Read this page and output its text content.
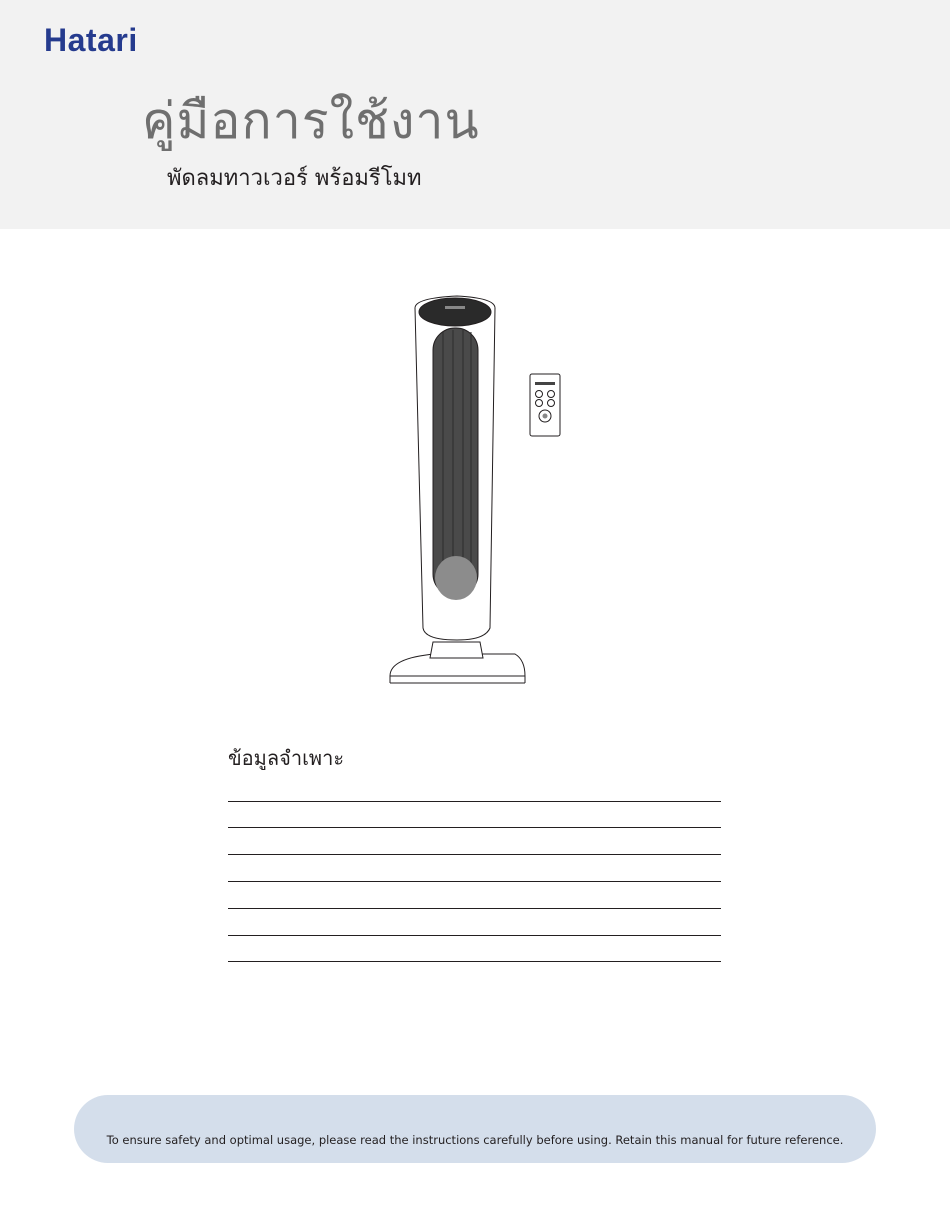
Hatari
คู่มือการใช้งาน
พัดลมทาวเวอร์ พร้อมรีโมท
ข้อมูลจำเพาะ
To ensure safety and optimal usage, please read the instructions carefully before using. Retain this manual for future reference.
